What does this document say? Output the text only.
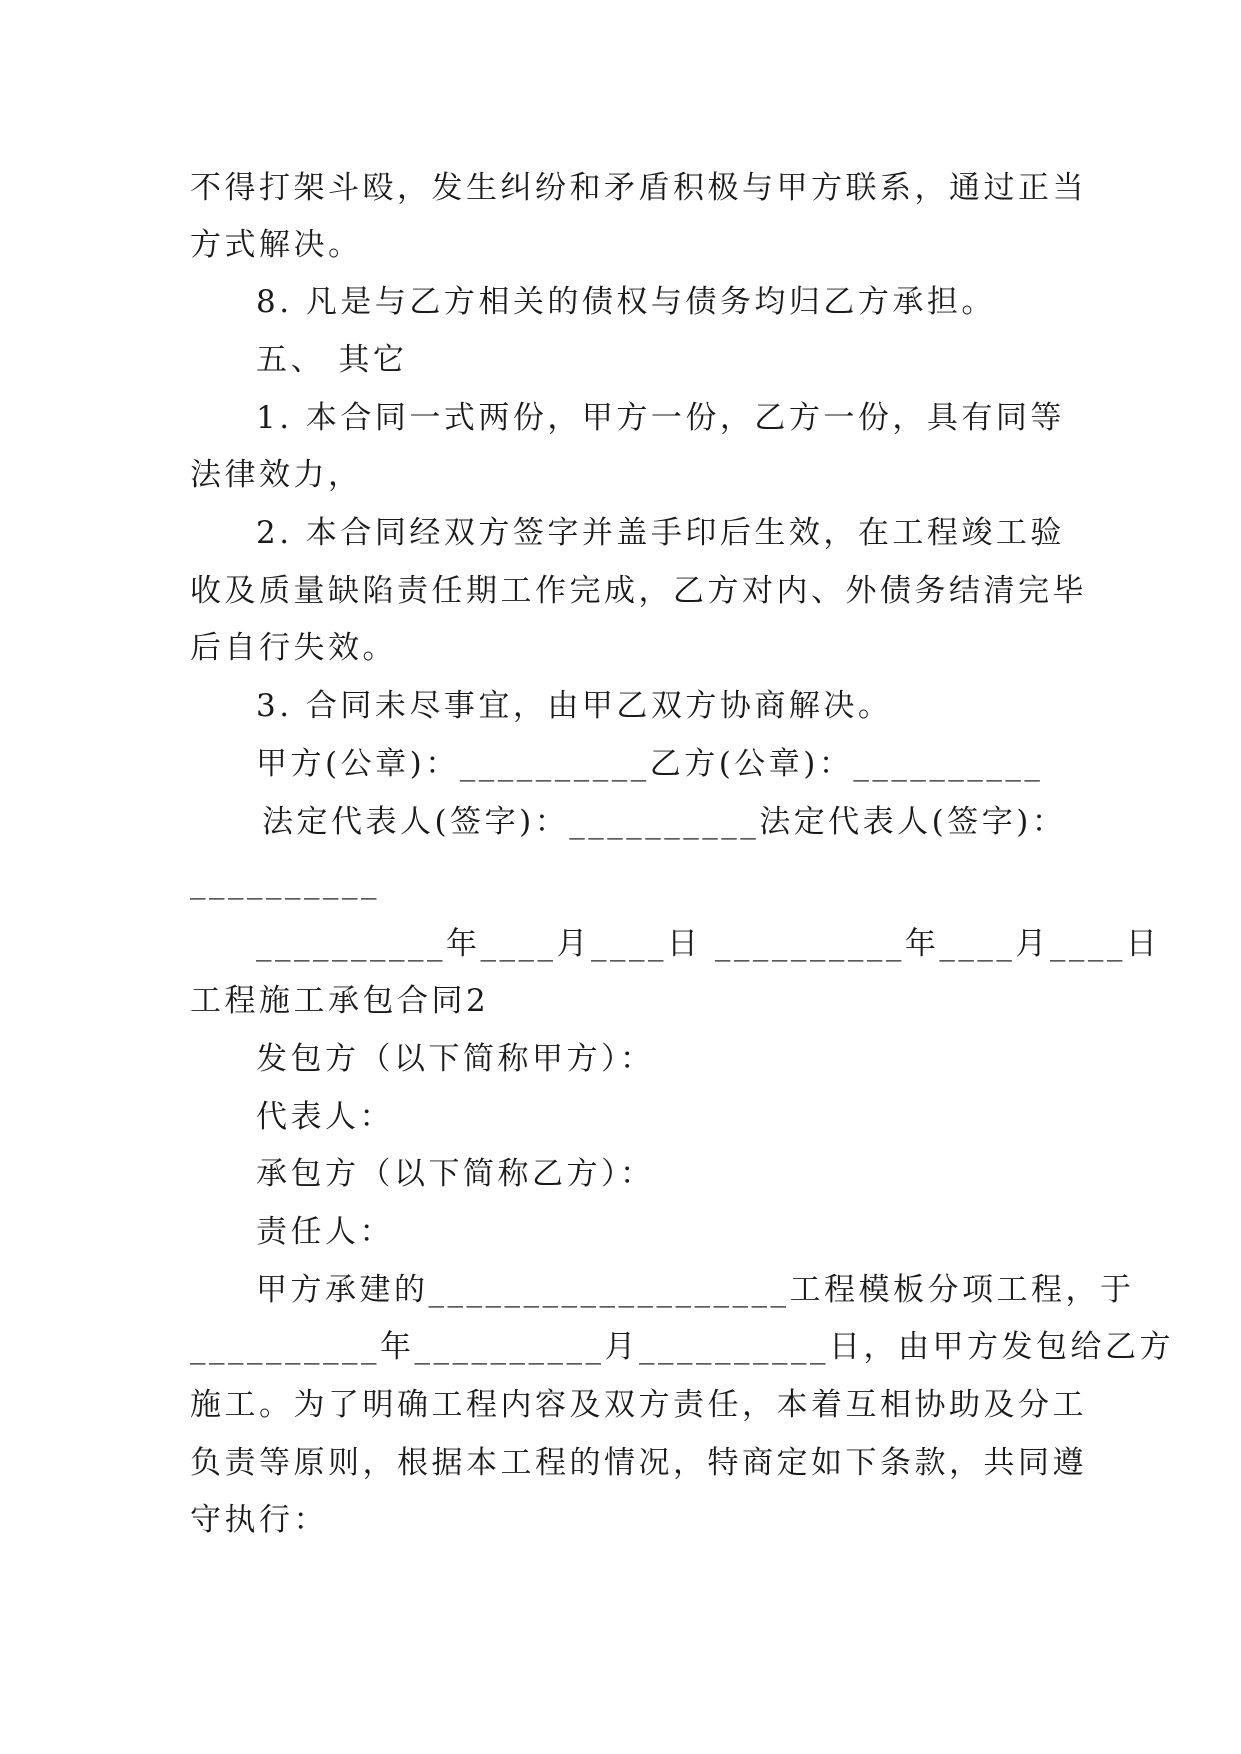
不得打架斗殴，发生纠纷和矛盾积极与甲方联系，通过正当
方式解决。
8. 凡是与乙方相关的债权与债务均归乙方承担。
五、 其它
1. 本合同一式两份，甲方一份，乙方一份，具有同等
法律效力，
2. 本合同经双方签字并盖手印后生效，在工程竣工验
收及质量缺陷责任期工作完成，乙方对内、外债务结清完毕
后自行失效。
3. 合同未尽事宜，由甲乙双方协商解决。
甲方(公章)：__________乙方(公章)：__________
法定代表人(签字)：__________法定代表人(签字)：
__________
__________年____月____日 __________年____月____日
工程施工承包合同2
发包方（以下简称甲方）：
代表人：
承包方（以下简称乙方）：
责任人：
甲方承建的___________________工程模板分项工程，于
__________年__________月__________日，由甲方发包给乙方
施工。为了明确工程内容及双方责任，本着互相协助及分工
负责等原则，根据本工程的情况，特商定如下条款，共同遵
守执行：
